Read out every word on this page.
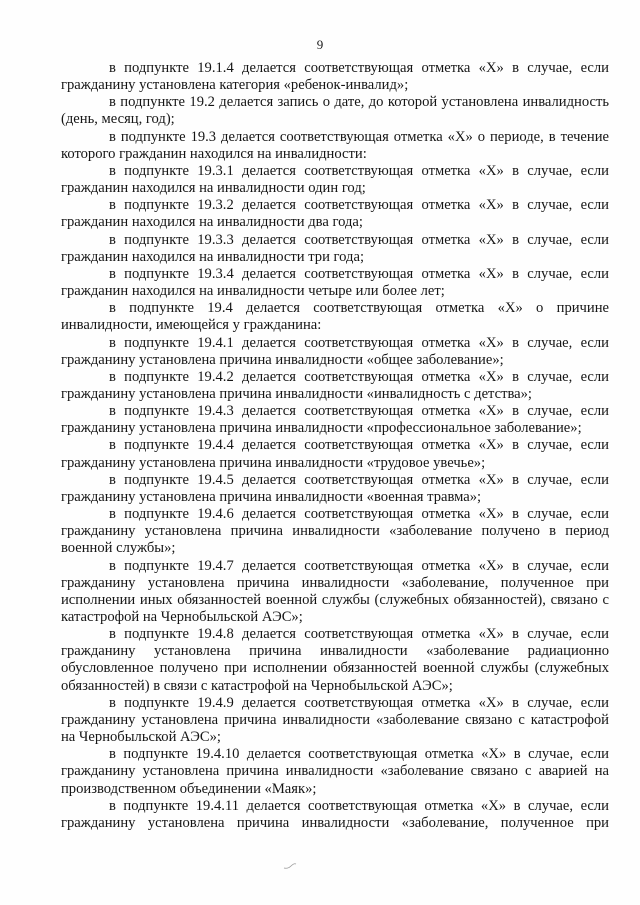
9

в подпункте 19.1.4 делается соответствующая отметка «Х» в случае, если гражданину установлена категория «ребенок-инвалид»;

в подпункте 19.2 делается запись о дате, до которой установлена инвалидность (день, месяц, год);

в подпункте 19.3 делается соответствующая отметка «Х» о периоде, в течение которого гражданин находился на инвалидности:

в подпункте 19.3.1 делается соответствующая отметка «Х» в случае, если гражданин находился на инвалидности один год;

в подпункте 19.3.2 делается соответствующая отметка «Х» в случае, если гражданин находился на инвалидности два года;

в подпункте 19.3.3 делается соответствующая отметка «Х» в случае, если гражданин находился на инвалидности три года;

в подпункте 19.3.4 делается соответствующая отметка «Х» в случае, если гражданин находился на инвалидности четыре или более лет;

в подпункте 19.4 делается соответствующая отметка «Х» о причине инвалидности, имеющейся у гражданина:

в подпункте 19.4.1 делается соответствующая отметка «Х» в случае, если гражданину установлена причина инвалидности «общее заболевание»;

в подпункте 19.4.2 делается соответствующая отметка «Х» в случае, если гражданину установлена причина инвалидности «инвалидность с детства»;

в подпункте 19.4.3 делается соответствующая отметка «Х» в случае, если гражданину установлена причина инвалидности «профессиональное заболевание»;

в подпункте 19.4.4 делается соответствующая отметка «Х» в случае, если гражданину установлена причина инвалидности «трудовое увечье»;

в подпункте 19.4.5 делается соответствующая отметка «Х» в случае, если гражданину установлена причина инвалидности «военная травма»;

в подпункте 19.4.6 делается соответствующая отметка «Х» в случае, если гражданину установлена причина инвалидности «заболевание получено в период военной службы»;

в подпункте 19.4.7 делается соответствующая отметка «Х» в случае, если гражданину установлена причина инвалидности «заболевание, полученное при исполнении иных обязанностей военной службы (служебных обязанностей), связано с катастрофой на Чернобыльской АЭС»;

в подпункте 19.4.8 делается соответствующая отметка «Х» в случае, если гражданину установлена причина инвалидности «заболевание радиационно обусловленное получено при исполнении обязанностей военной службы (служебных обязанностей) в связи с катастрофой на Чернобыльской АЭС»;

в подпункте 19.4.9 делается соответствующая отметка «Х» в случае, если гражданину установлена причина инвалидности «заболевание связано с катастрофой на Чернобыльской АЭС»;

в подпункте 19.4.10 делается соответствующая отметка «Х» в случае, если гражданину установлена причина инвалидности «заболевание связано с аварией на производственном объединении «Маяк»;

в подпункте 19.4.11 делается соответствующая отметка «Х» в случае, если гражданину установлена причина инвалидности «заболевание, полученное при
